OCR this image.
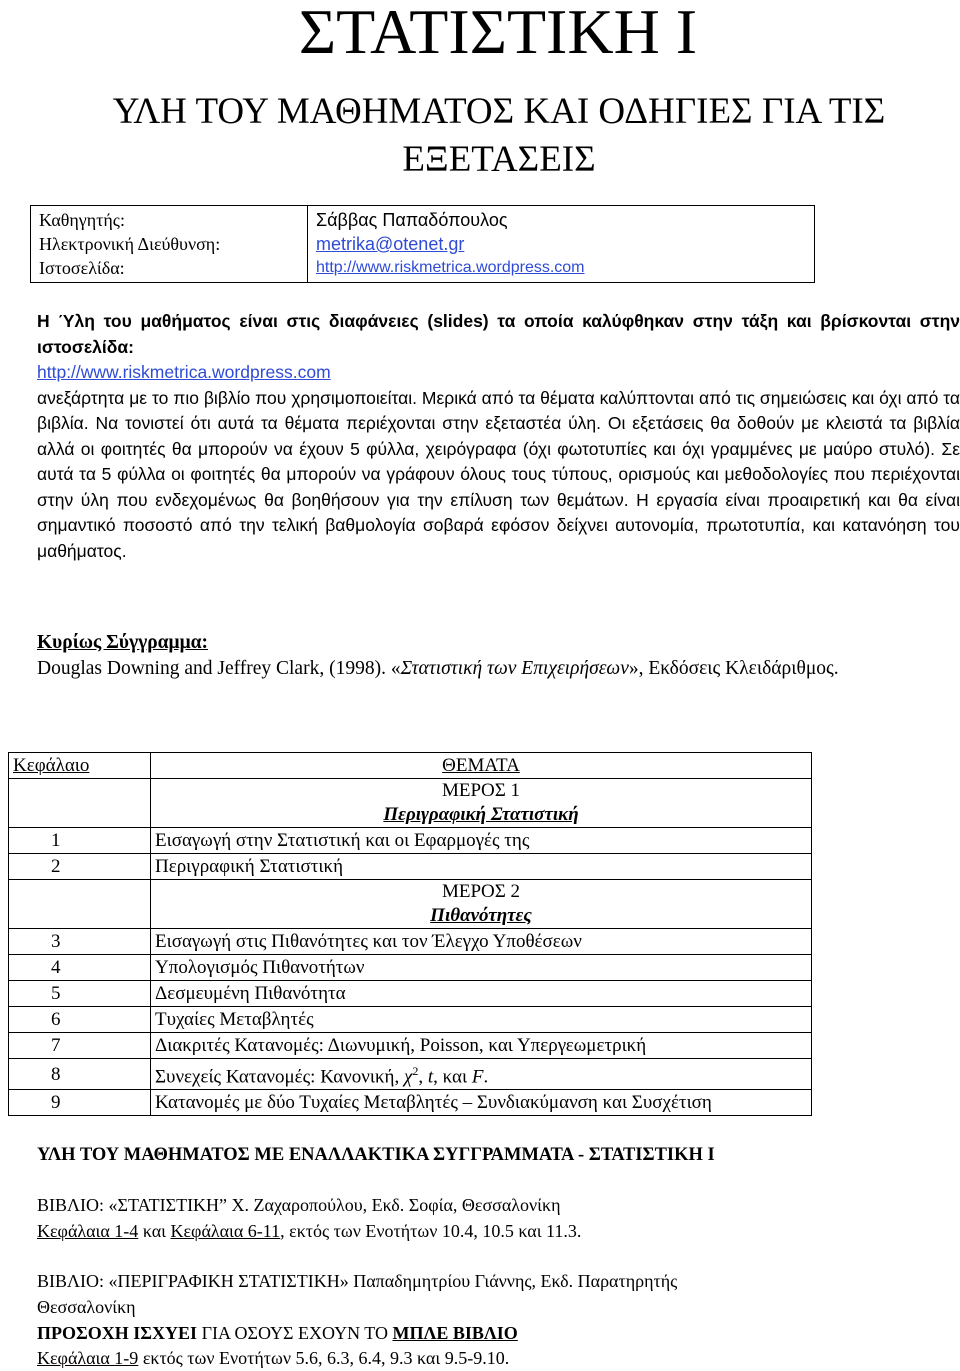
ΣΤΑΤΙΣΤΙΚΗ Ι
ΥΛΗ ΤΟΥ ΜΑΘΗΜΑΤΟΣ ΚΑΙ ΟΔΗΓΙΕΣ ΓΙΑ ΤΙΣ
ΕΞΕΤΑΣΕΙΣ
Καθηγητής:	Σάββας Παπαδόπουλος
Ηλεκτρονική Διεύθυνση:	metrika@otenet.gr
Ιστοσελίδα:	http://www.riskmetrica.wordpress.com

Η Ύλη του μαθήματος είναι στις διαφάνειες (slides) τα οποία καλύφθηκαν στην τάξη και βρίσκονται στην ιστοσελίδα:

http://www.riskmetrica.wordpress.com

ανεξάρτητα με το πιο βιβλίο που χρησιμοποιείται. Μερικά από τα θέματα καλύπτονται από τις σημειώσεις και όχι από τα βιβλία. Να τονιστεί ότι αυτά τα θέματα περιέχονται στην εξεταστέα ύλη. Οι εξετάσεις θα δοθούν με κλειστά τα βιβλία αλλά οι φοιτητές θα μπορούν να έχουν 5 φύλλα, χειρόγραφα (όχι φωτοτυπίες και όχι γραμμένες με μαύρο στυλό). Σε αυτά τα 5 φύλλα οι φοιτητές θα μπορούν να γράφουν όλους τους τύπους, ορισμούς και μεθοδολογίες που περιέχονται στην ύλη που ενδεχομένως θα βοηθήσουν για την επίλυση των θεμάτων. Η εργασία είναι προαιρετική και θα είναι σημαντικό ποσοστό από την τελική βαθμολογία σοβαρά εφόσον δείχνει αυτονομία, πρωτοτυπία, και κατανόηση του μαθήματος.

Κυρίως Σύγγραμμα:
Douglas Downing and Jeffrey Clark, (1998). «Στατιστική των Επιχειρήσεων», Εκδόσεις Κλειδάριθμος.
Κεφάλαιο	ΘΕΜΑΤΑ

	ΜΕΡΟΣ 1
Περιγραφική Στατιστική

1	Εισαγωγή στην Στατιστική και οι Εφαρμογές της
2	Περιγραφική Στατιστική

	ΜΕΡΟΣ 2
Πιθανότητες

3	Εισαγωγή στις Πιθανότητες και τον Έλεγχο Υποθέσεων
4	Υπολογισμός Πιθανοτήτων
5	Δεσμευμένη Πιθανότητα
6	Τυχαίες Μεταβλητές
7	Διακριτές Κατανομές: Διωνυμική, Poisson, και Υπεργεωμετρική
8	Συνεχείς Κατανομές: Κανονική, $\chi^2$, t, και F.
9	Κατανομές με δύο Τυχαίες Μεταβλητές – Συνδιακύμανση και Συσχέτιση
ΥΛΗ ΤΟΥ ΜΑΘΗΜΑΤΟΣ ΜΕ ΕΝΑΛΛΑΚΤΙΚΑ ΣΥΓΓΡΑΜΜΑΤΑ - ΣΤΑΤΙΣΤΙΚΗ Ι
ΒΙΒΛΙΟ: «ΣΤΑΤΙΣΤΙΚΗ” Χ. Ζαχαροπούλου, Εκδ. Σοφία, Θεσσαλονίκη
Κεφάλαια 1-4 και Κεφάλαια 6-11, εκτός των Ενοτήτων 10.4, 10.5 και 11.3.
ΒΙΒΛΙΟ: «ΠΕΡΙΓΡΑΦΙΚΗ ΣΤΑΤΙΣΤΙΚΗ» Παπαδημητρίου Γιάννης, Εκδ. Παρατηρητής
Θεσσαλονίκη
ΠΡΟΣΟΧΗ ΙΣΧΥΕΙ ΓΙΑ ΟΣΟΥΣ ΕΧΟΥΝ ΤΟ ΜΠΛΕ ΒΙΒΛΙΟ
Κεφάλαια 1-9 εκτός των Ενοτήτων 5.6, 6.3, 6.4, 9.3 και 9.5-9.10.
